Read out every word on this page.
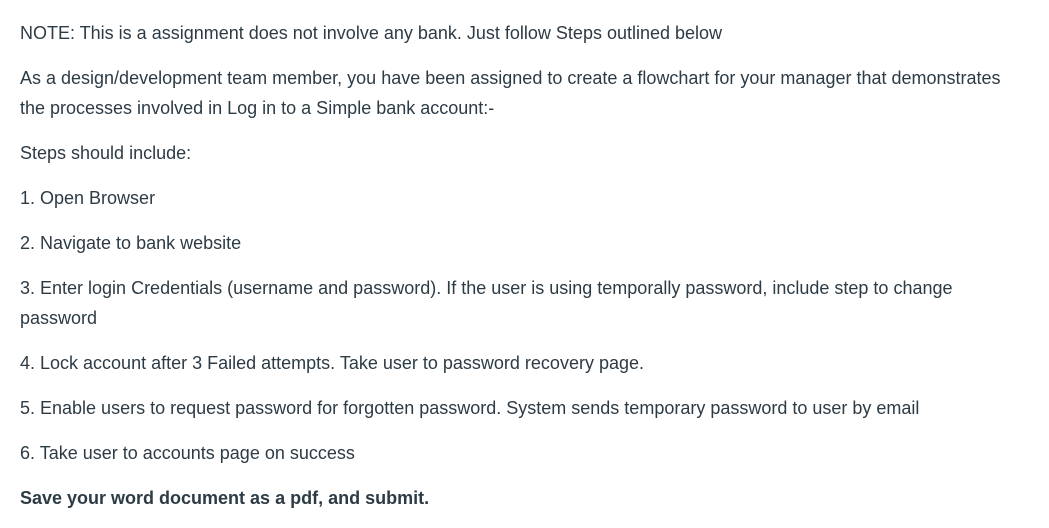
NOTE: This is a assignment does not involve any bank. Just follow Steps outlined below

As a design/development team member, you have been assigned to create a flowchart for your manager that demonstrates the processes involved in Log in to a Simple bank account:-

Steps should include:

1. Open Browser

2. Navigate to bank website

3. Enter login Credentials (username and password). If the user is using temporally password, include step to change password

4. Lock account after 3 Failed attempts. Take user to password recovery page.

5. Enable users to request password for forgotten password. System sends temporary password to user by email

6. Take user to accounts page on success

Save your word document as a pdf, and submit.
